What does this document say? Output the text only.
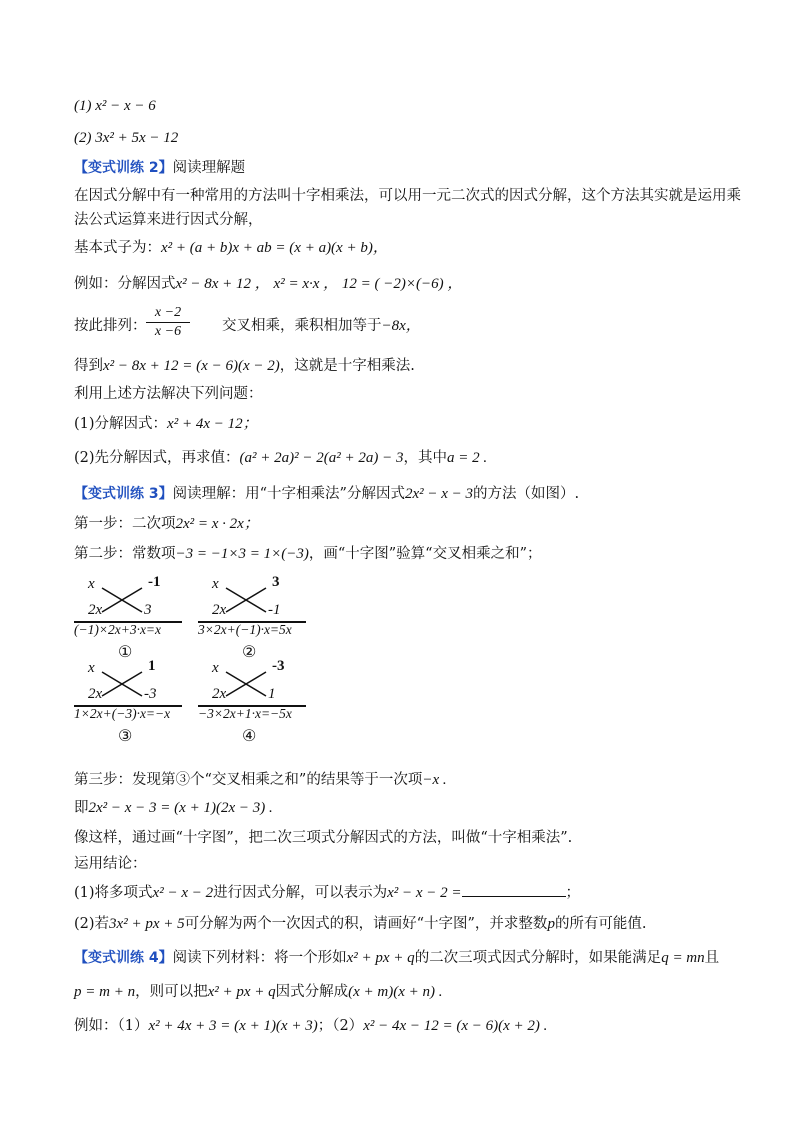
(1) x² − x − 6
(2) 3x² + 5x − 12
【变式训练 2】阅读理解题
在因式分解中有一种常用的方法叫十字相乘法，可以用一元二次式的因式分解，这个方法其实就是运用乘
法公式运算来进行因式分解，
基本式子为：x² + (a + b)x + ab = (x + a)(x + b)，
例如：分解因式x² − 8x + 12 ， x² = x·x ， 12 = ( −2)×(−6) ，
按此排列：
x −2
x −6	交叉相乘，乘积相加等于−8x，
得到x² − 8x + 12 = (x − 6)(x − 2)，这就是十字相乘法.
利用上述方法解决下列问题：
(1)分解因式：x² + 4x − 12；
(2)先分解因式，再求值：(a² + 2a)² − 2(a² + 2a) − 3，其中a = 2 .
【变式训练 3】阅读理解：用“十字相乘法”分解因式2x² − x − 3的方法（如图）.
第一步：二次项2x² = x · 2x；
第二步：常数项−3 = −1×3 = 1×(−3)，画“十字图”验算“交叉相乘之和”；
x	-1
2x	3
(−1)×2x+3·x=x
①
x	3
2x	-1
3×2x+(−1)·x=5x
②
x	1
2x	-3
1×2x+(−3)·x=−x
③
x	-3
2x	1
−3×2x+1·x=−5x
④
第三步：发现第③个“交叉相乘之和”的结果等于一次项−x .
即2x² − x − 3 = (x + 1)(2x − 3) .
像这样，通过画“十字图”，把二次三项式分解因式的方法，叫做“十字相乘法”.
运用结论：
(1)将多项式x² − x − 2进行因式分解，可以表示为x² − x − 2 =	；
(2)若3x² + px + 5可分解为两个一次因式的积，请画好“十字图”，并求整数p的所有可能值.
【变式训练 4】阅读下列材料：将一个形如x² + px + q的二次三项式因式分解时，如果能满足q = mn且
p = m + n，则可以把x² + px + q因式分解成(x + m)(x + n) .
例如：（1）x² + 4x + 3 = (x + 1)(x + 3)；（2）x² − 4x − 12 = (x − 6)(x + 2) .
